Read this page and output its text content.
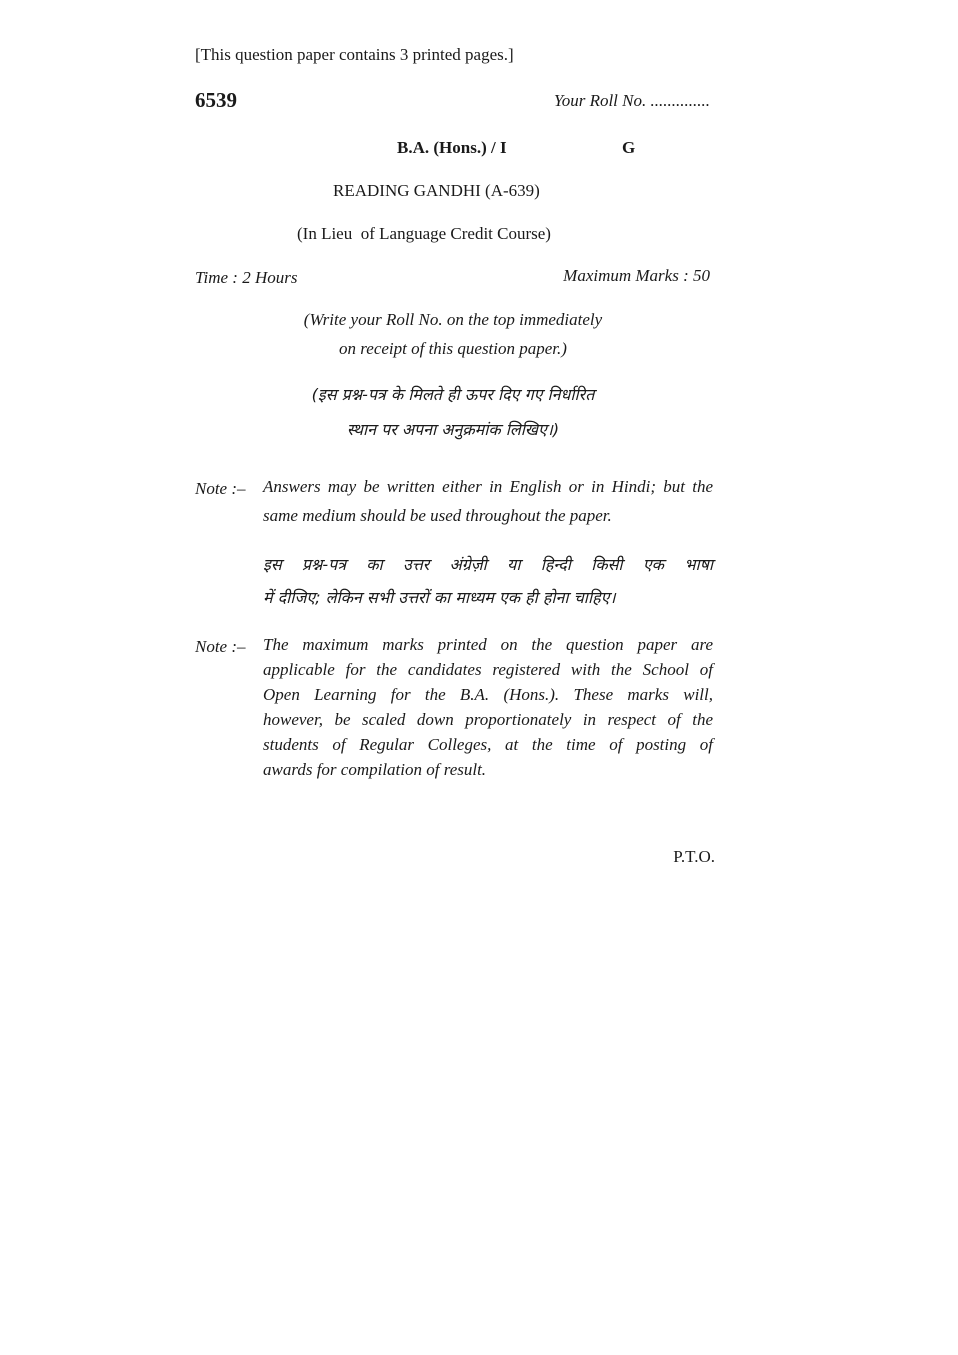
[This question paper contains 3 printed pages.]
6539	Your Roll No. ..............
B.A. (Hons.) / I	G
READING GANDHI (A-639)
(In Lieu  of Language Credit Course)
Time : 2 Hours	Maximum Marks : 50
(Write your Roll No. on the top immediately
on receipt of this question paper.)
(इस प्रश्न-पत्र के मिलते ही ऊपर दिए गए निर्धारित
स्थान पर अपना अनुक्रमांक लिखिए।)
Note :– Answers may be written either in English or in Hindi; but the
same medium should be used throughout the paper.
इस प्रश्न-पत्र का उत्तर अंग्रेज़ी या हिन्दी किसी एक भाषा
में दीजिए; लेकिन सभी उत्तरों का माध्यम एक ही होना चाहिए।
Note :– The maximum marks printed on the question paper are
applicable for the candidates registered with the School of
Open Learning for the B.A. (Hons.). These marks will,
however, be scaled down proportionately in respect of the
students of Regular Colleges, at the time of posting of
awards for compilation of result.
P.T.O.
